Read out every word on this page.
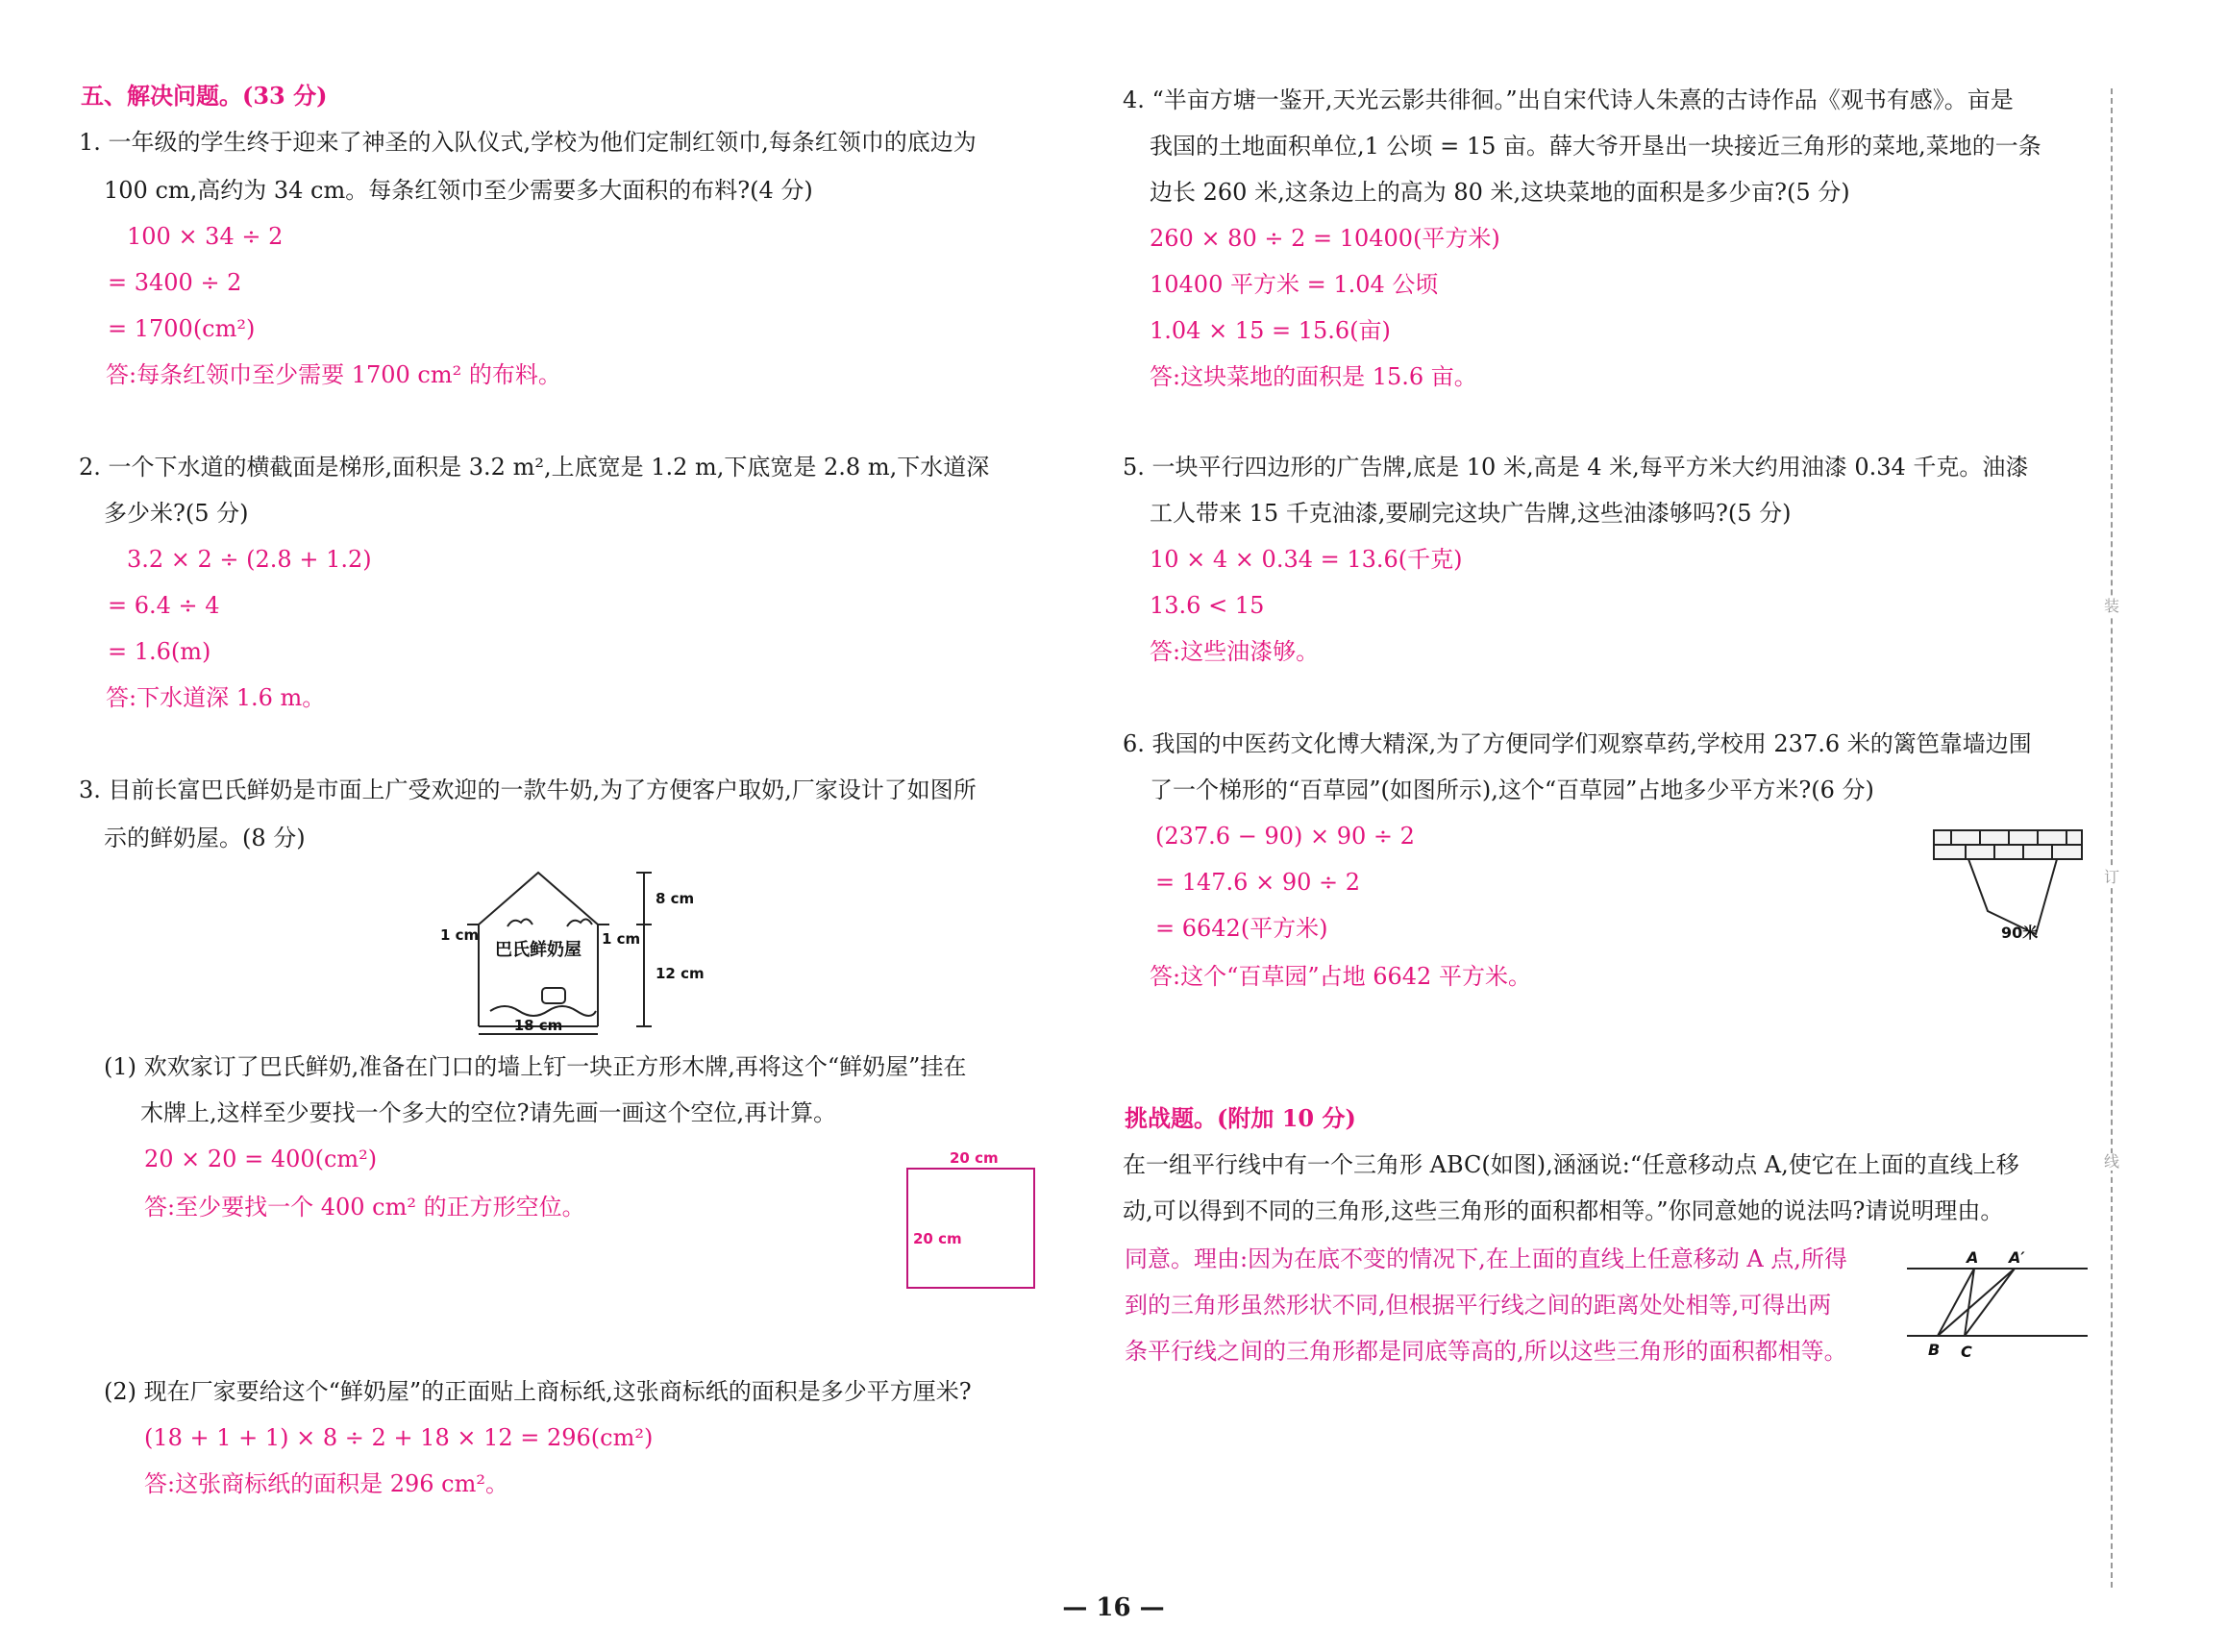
五、解决问题。(33 分)
1. 一年级的学生终于迎来了神圣的入队仪式,学校为他们定制红领巾,每条红领巾的底边为
100 cm,高约为 34 cm。每条红领巾至少需要多大面积的布料?(4 分)
100 × 34 ÷ 2
= 3400 ÷ 2
= 1700(cm²)
答:每条红领巾至少需要 1700 cm² 的布料。
2. 一个下水道的横截面是梯形,面积是 3.2 m²,上底宽是 1.2 m,下底宽是 2.8 m,下水道深
多少米?(5 分)
3.2 × 2 ÷ (2.8 + 1.2)
= 6.4 ÷ 4
= 1.6(m)
答:下水道深 1.6 m。
3. 目前长富巴氏鲜奶是市面上广受欢迎的一款牛奶,为了方便客户取奶,厂家设计了如图所
示的鲜奶屋。(8 分)
巴氏鲜奶屋
1 cm	1 cm
8 cm
12 cm
18 cm
(1) 欢欢家订了巴氏鲜奶,准备在门口的墙上钉一块正方形木牌,再将这个“鲜奶屋”挂在
木牌上,这样至少要找一个多大的空位?请先画一画这个空位,再计算。
20 × 20 = 400(cm²)
答:至少要找一个 400 cm² 的正方形空位。
20 cm
20 cm
(2) 现在厂家要给这个“鲜奶屋”的正面贴上商标纸,这张商标纸的面积是多少平方厘米?
(18 + 1 + 1) × 8 ÷ 2 + 18 × 12 = 296(cm²)
答:这张商标纸的面积是 296 cm²。
4. “半亩方塘一鉴开,天光云影共徘徊。”出自宋代诗人朱熹的古诗作品《观书有感》。亩是
我国的土地面积单位,1 公顷 = 15 亩。薛大爷开垦出一块接近三角形的菜地,菜地的一条
边长 260 米,这条边上的高为 80 米,这块菜地的面积是多少亩?(5 分)
260 × 80 ÷ 2 = 10400(平方米)
10400 平方米 = 1.04 公顷
1.04 × 15 = 15.6(亩)
答:这块菜地的面积是 15.6 亩。
5. 一块平行四边形的广告牌,底是 10 米,高是 4 米,每平方米大约用油漆 0.34 千克。油漆
工人带来 15 千克油漆,要刷完这块广告牌,这些油漆够吗?(5 分)
10 × 4 × 0.34 = 13.6(千克)
13.6 < 15
答:这些油漆够。
6. 我国的中医药文化博大精深,为了方便同学们观察草药,学校用 237.6 米的篱笆靠墙边围
了一个梯形的“百草园”(如图所示),这个“百草园”占地多少平方米?(6 分)
(237.6 − 90) × 90 ÷ 2
= 147.6 × 90 ÷ 2
= 6642(平方米)
答:这个“百草园”占地 6642 平方米。
90米
挑战题。(附加 10 分)
在一组平行线中有一个三角形 ABC(如图),涵涵说:“任意移动点 A,使它在上面的直线上移
动,可以得到不同的三角形,这些三角形的面积都相等。”你同意她的说法吗?请说明理由。
同意。理由:因为在底不变的情况下,在上面的直线上任意移动 A 点,所得
到的三角形虽然形状不同,但根据平行线之间的距离处处相等,可得出两
条平行线之间的三角形都是同底等高的,所以这些三角形的面积都相等。
A A′
B C
装
订
线
— 16 —
